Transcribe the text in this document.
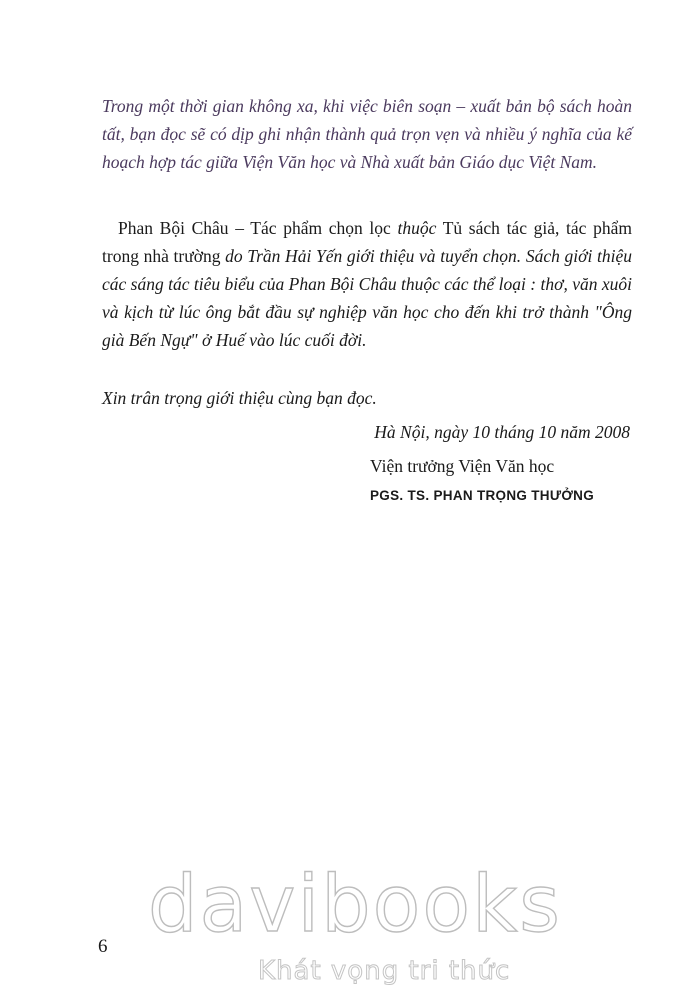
Trong một thời gian không xa, khi việc biên soạn – xuất bản bộ sách hoàn tất, bạn đọc sẽ có dịp ghi nhận thành quả trọn vẹn và nhiều ý nghĩa của kế hoạch hợp tác giữa Viện Văn học và Nhà xuất bản Giáo dục Việt Nam.

Phan Bội Châu – Tác phẩm chọn lọc thuộc Tủ sách tác giả, tác phẩm trong nhà trường do Trần Hải Yến giới thiệu và tuyển chọn. Sách giới thiệu các sáng tác tiêu biểu của Phan Bội Châu thuộc các thể loại : thơ, văn xuôi và kịch từ lúc ông bắt đầu sự nghiệp văn học cho đến khi trở thành "Ông già Bến Ngự" ở Huế vào lúc cuối đời.

Xin trân trọng giới thiệu cùng bạn đọc.

Hà Nội, ngày 10 tháng 10 năm 2008
Viện trưởng Viện Văn học
PGS. TS. PHAN TRỌNG THƯỞNG
6 davibooks
Khát vọng tri thức
